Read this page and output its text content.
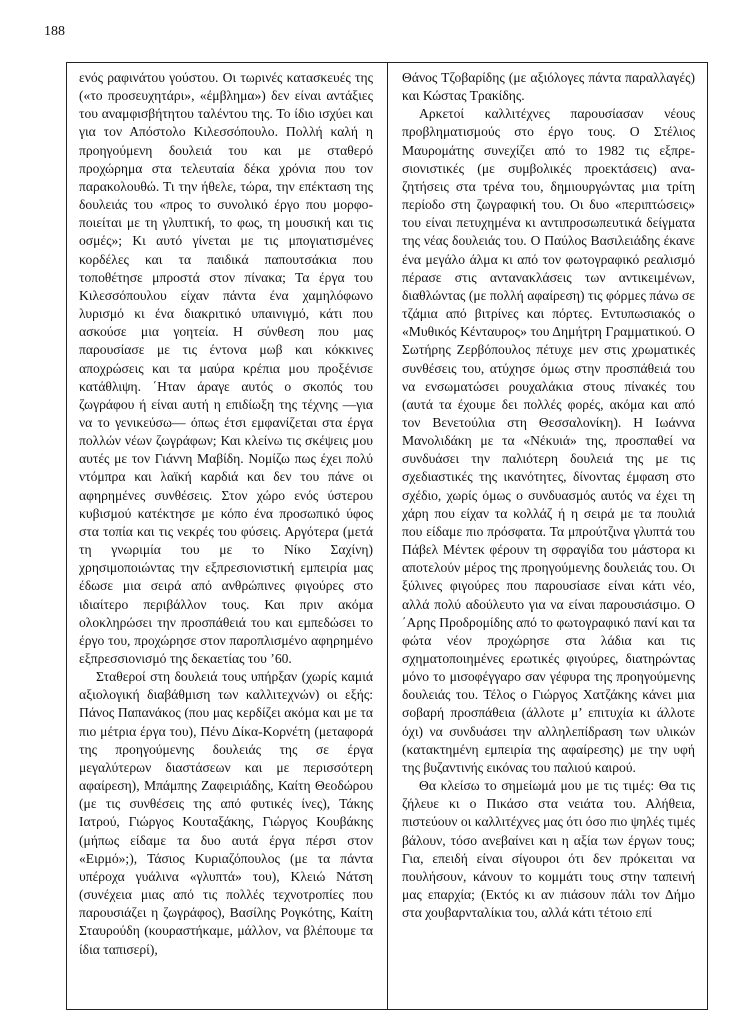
188

ενός ραφινάτου γούστου. Οι τωρινές κατασκευές της («το προσευχητάρι», «έμβλημα») δεν είναι αντάξιες του αναμφισβήτητου ταλέντου της. Το ίδιο ισχύει και για τον Απόστολο Κιλεσσόπουλο. Πολλή καλή η προηγούμενη δουλειά του και με σταθερό προχώρημα στα τελευταία δέκα χρόνια που τον παρακολουθώ. Τι την ήθελε, τώρα, την επέκταση της δουλειάς του «προς το συνολικό έργο που μορφοποιείται με τη γλυπτική, το φως, τη μουσική και τις οσμές»; Κι αυτό γίνεται με τις μπογιατισμένες κορδέλες και τα παιδικά παπουτσάκια που τοποθέτησε μπροστά στον πίνακα; Τα έργα του Κιλεσσόπουλου είχαν πάντα ένα χαμηλόφωνο λυρισμό κι ένα διακριτικό υπαινιγμό, κάτι που ασκούσε μια γοητεία. Η σύνθεση που μας παρουσίασε με τις έντονα μωβ και κόκκινες αποχρώσεις και τα μαύρα κρέπια μου προξένισε κατάθλιψη. ΄Ηταν άραγε αυτός ο σκοπός του ζωγράφου ή είναι αυτή η επιδίωξη της τέχνης —για να το γενικεύσω— όπως έτσι εμφανίζεται στα έργα πολλών νέων ζωγράφων; Και κλείνω τις σκέψεις μου αυτές με τον Γιάννη Μαβίδη. Νομίζω πως έχει πολύ ντόμπρα και λαϊκή καρδιά και δεν του πάνε οι αφηρημένες συνθέσεις. Στον χώρο ενός ύστερου κυβισμού κατέκτησε με κόπο ένα προσωπικό ύφος στα τοπία και τις νεκρές του φύσεις. Αργότερα (μετά τη γνωριμία του με το Νίκο Σαχίνη) χρησιμοποιώντας την εξπρεσιονιστική εμπειρία μας έδωσε μια σειρά από ανθρώπινες φιγούρες στο ιδιαίτερο περιβάλλον τους. Και πριν ακόμα ολοκληρώσει την προσπάθειά του και εμπεδώσει το έργο του, προχώρησε στον παροπλισμένο αφηρημένο εξπρεσσιονισμό της δεκαετίας του ’60.

Σταθεροί στη δουλειά τους υπήρξαν (χωρίς καμιά αξιολογική διαβάθμιση των καλλιτεχνών) οι εξής: Πάνος Παπανάκος (που μας κερδίζει ακόμα και με τα πιο μέτρια έργα του), Πένυ Δίκα-Κορνέτη (μεταφορά της προηγούμενης δουλειάς της σε έργα μεγαλύτερων διαστάσεων και με περισσότερη αφαίρεση), Μπάμπης Ζαφειριάδης, Καίτη Θεοδώρου (με τις συνθέσεις της από φυτικές ίνες), Τάκης Ιατρού, Γιώργος Κουταξάκης, Γιώργος Κουβάκης (μήπως είδαμε τα δυο αυτά έργα πέρσι στον «Ειρμό»;), Τάσιος Κυριαζόπουλος (με τα πάντα υπέροχα γυάλινα «γλυπτά» του), Κλειώ Νάτση (συνέχεια μιας από τις πολλές τεχνοτροπίες που παρουσιάζει η ζωγράφος), Βασίλης Ρογκότης, Καίτη Σταυρούδη (κουραστήκαμε, μάλλον, να βλέπουμε τα ίδια ταπισερί),

Θάνος Τζοβαρίδης (με αξιόλογες πάντα παραλλαγές) και Κώστας Τρακίδης.

Αρκετοί καλλιτέχνες παρουσίασαν νέους προβληματισμούς στο έργο τους. Ο Στέλιος Μαυρομάτης συνεχίζει από το 1982 τις εξπρεσιονιστικές (με συμβολικές προεκτάσεις) αναζητήσεις στα τρένα του, δημιουργώντας μια τρίτη περίοδο στη ζωγραφική του. Οι δυο «περιπτώσεις» του είναι πετυχημένα κι αντιπροσωπευτικά δείγματα της νέας δουλειάς του. Ο Παύλος Βασιλειάδης έκανε ένα μεγάλο άλμα κι από τον φωτογραφικό ρεαλισμό πέρασε στις αντανακλάσεις των αντικειμένων, διαθλώντας (με πολλή αφαίρεση) τις φόρμες πάνω σε τζάμια από βιτρίνες και πόρτες. Εντυπωσιακός ο «Μυθικός Κένταυρος» του Δημήτρη Γραμματικού. Ο Σωτήρης Ζερβόπουλος πέτυχε μεν στις χρωματικές συνθέσεις του, ατύχησε όμως στην προσπάθειά του να ενσωματώσει ρουχαλάκια στους πίνακές του (αυτά τα έχουμε δει πολλές φορές, ακόμα και από τον Βενετούλια στη Θεσσαλονίκη). Η Ιωάννα Μανολιδάκη με τα «Νέκυιά» της, προσπαθεί να συνδυάσει την παλιότερη δουλειά της με τις σχεδιαστικές της ικανότητες, δίνοντας έμφαση στο σχέδιο, χωρίς όμως ο συνδυασμός αυτός να έχει τη χάρη που είχαν τα κολλάζ ή η σειρά με τα πουλιά που είδαμε πιο πρόσφατα. Τα μπρούτζινα γλυπτά του Πάβελ Μέντεκ φέρουν τη σφραγίδα του μάστορα κι αποτελούν μέρος της προηγούμενης δουλειάς του. Οι ξύλινες φιγούρες που παρουσίασε είναι κάτι νέο, αλλά πολύ αδούλευτο για να είναι παρουσιάσιμο. Ο ΄Αρης Προδρομίδης από το φωτογραφικό πανί και τα φώτα νέον προχώρησε στα λάδια και τις σχηματοποιημένες ερωτικές φιγούρες, διατηρώντας μόνο το μισοφέγγαρο σαν γέφυρα της προηγούμενης δουλειάς του. Τέλος ο Γιώργος Χατζάκης κάνει μια σοβαρή προσπάθεια (άλλοτε μ’ επιτυχία κι άλλοτε όχι) να συνδυάσει την αλληλεπίδραση των υλικών (κατακτημένη εμπειρία της αφαίρεσης) με την υφή της βυζαντινής εικόνας του παλιού καιρού.

Θα κλείσω το σημείωμά μου με τις τιμές: Θα τις ζήλευε κι ο Πικάσο στα νειάτα του. Αλήθεια, πιστεύουν οι καλλιτέχνες μας ότι όσο πιο ψηλές τιμές βάλουν, τόσο ανεβαίνει και η αξία των έργων τους; Για, επειδή είναι σίγουροι ότι δεν πρόκειται να πουλήσουν, κάνουν το κομμάτι τους στην ταπεινή μας επαρχία; (Εκτός κι αν πιάσουν πάλι τον Δήμο στα χουβαρνταλίκια του, αλλά κάτι τέτοιο επί
